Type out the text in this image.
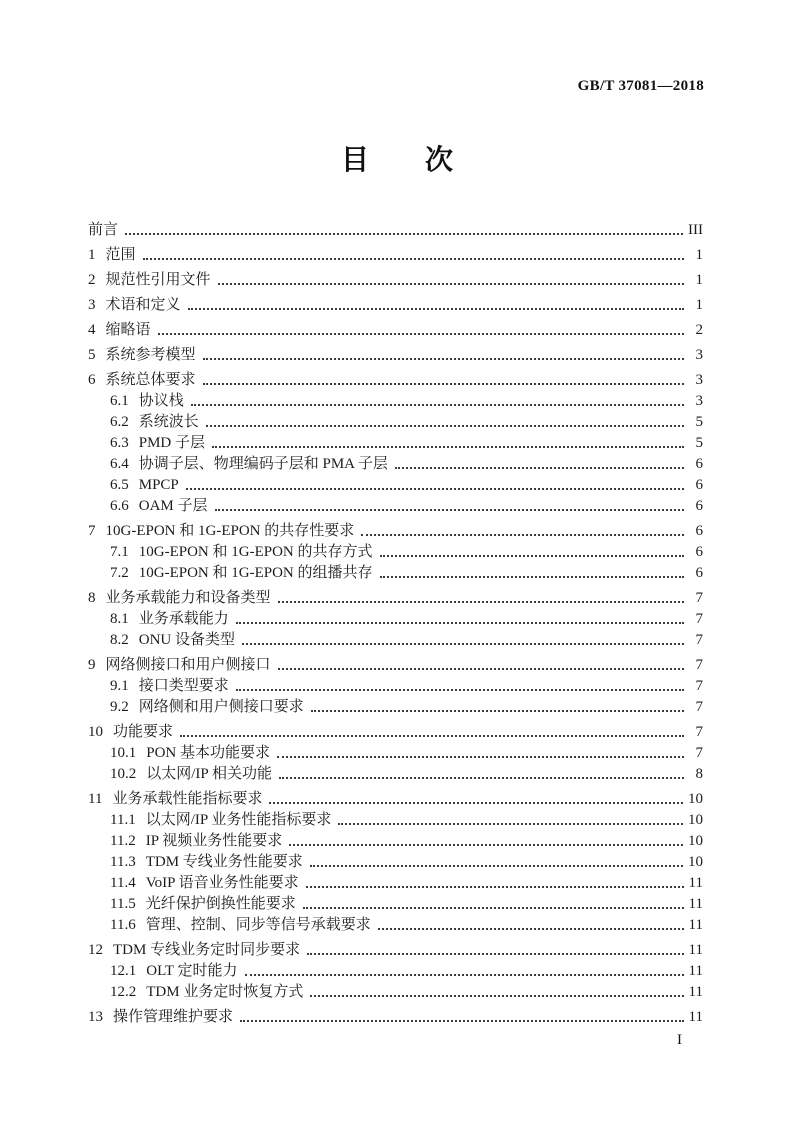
GB/T 37081—2018
目　　次
前言	III
1 范围	1
2 规范性引用文件	1
3 术语和定义	1
4 缩略语	2
5 系统参考模型	3
6 系统总体要求	3
6.1 协议栈	3
6.2 系统波长	5
6.3 PMD 子层	5
6.4 协调子层、物理编码子层和 PMA 子层	6
6.5 MPCP	6
6.6 OAM 子层	6
7 10G-EPON 和 1G-EPON 的共存性要求	6
7.1 10G-EPON 和 1G-EPON 的共存方式	6
7.2 10G-EPON 和 1G-EPON 的组播共存	6
8 业务承载能力和设备类型	7
8.1 业务承载能力	7
8.2 ONU 设备类型	7
9 网络侧接口和用户侧接口	7
9.1 接口类型要求	7
9.2 网络侧和用户侧接口要求	7
10 功能要求	7
10.1 PON 基本功能要求	7
10.2 以太网/IP 相关功能	8
11 业务承载性能指标要求	10
11.1 以太网/IP 业务性能指标要求	10
11.2 IP 视频业务性能要求	10
11.3 TDM 专线业务性能要求	10
11.4 VoIP 语音业务性能要求	11
11.5 光纤保护倒换性能要求	11
11.6 管理、控制、同步等信号承载要求	11
12 TDM 专线业务定时同步要求	11
12.1 OLT 定时能力	11
12.2 TDM 业务定时恢复方式	11
13 操作管理维护要求	11
I
